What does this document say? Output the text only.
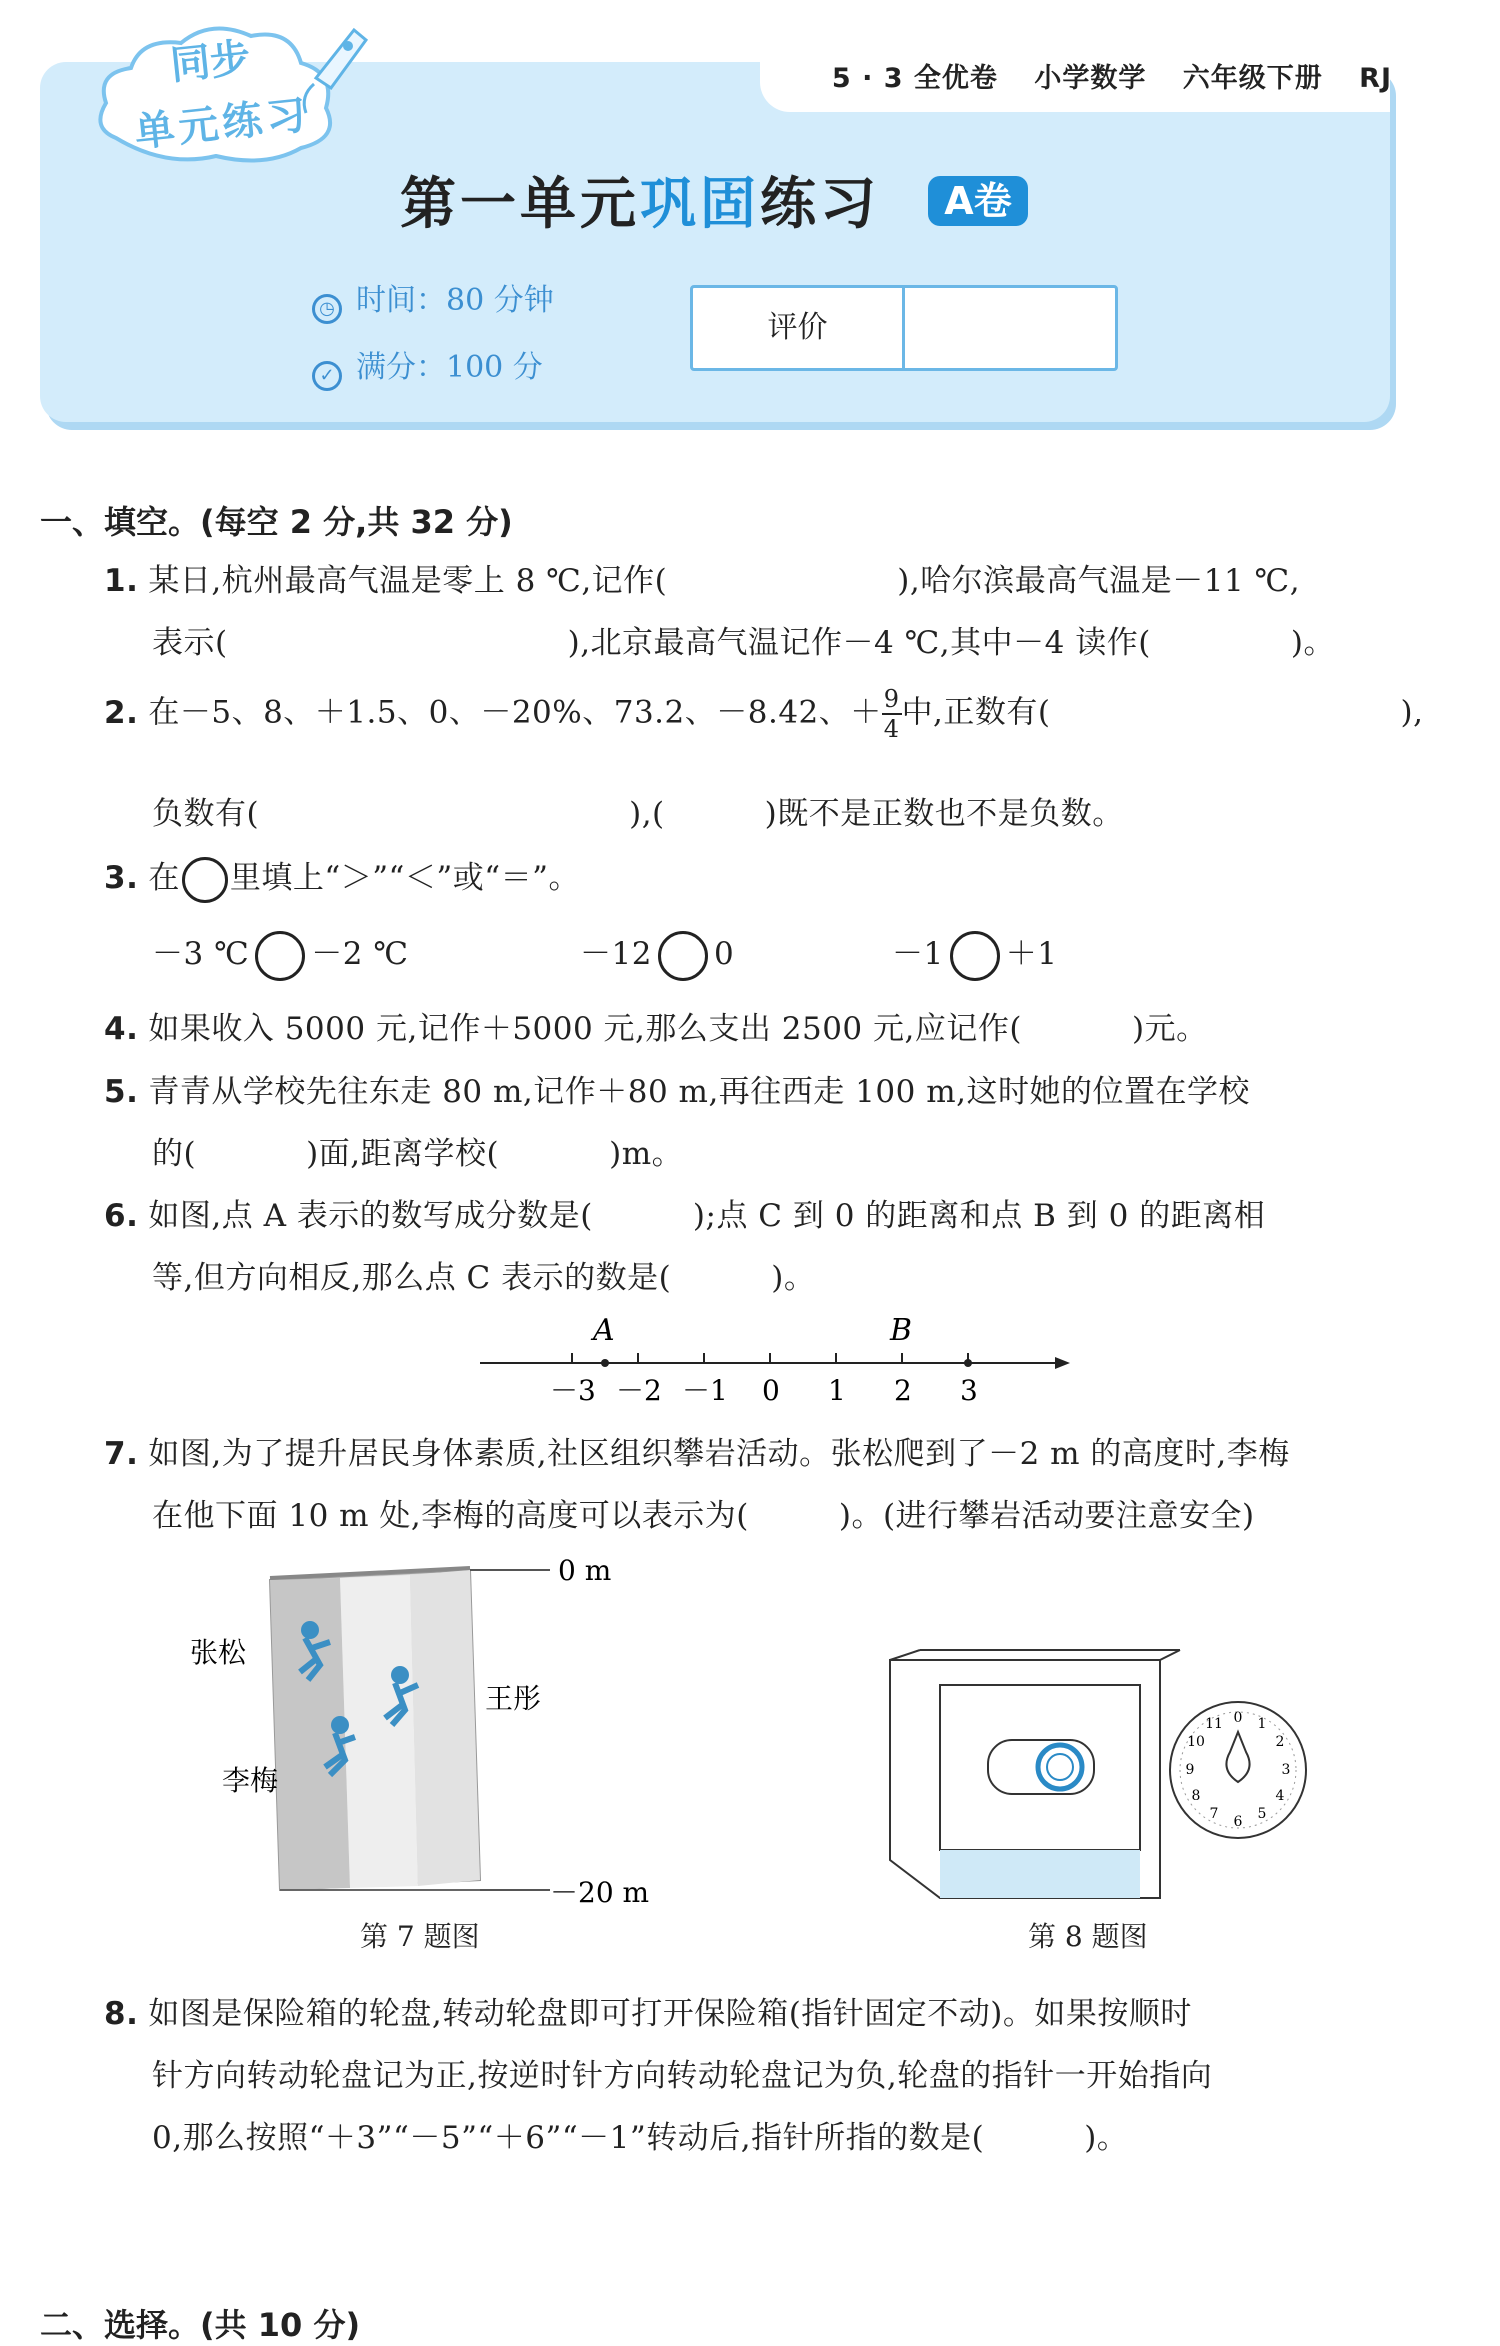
5 · 3 全优卷 小学数学 六年级下册 RJ
同步
单元练习
第一单元巩固练习	A卷
◷ 时间：80 分钟
✓ 满分：100 分
评价
一、填空。(每空 2 分,共 32 分)
1. 某日,杭州最高气温是零上 8 ℃,记作(	),哈尔滨最高气温是－11 ℃,
表示(	),北京最高气温记作－4 ℃,其中－4 读作(	)。
2. 在－5、8、＋1.5、0、－20%、73.2、－8.42、＋ $\frac{9}{4}$ 中,正数有(	),
负数有(	),(	)既不是正数也不是负数。
3. 在 里填上“＞”“＜”或“＝”。
－3 ℃ －2 ℃	－12 0	－1 ＋1
4. 如果收入 5000 元,记作＋5000 元,那么支出 2500 元,应记作(	)元。
5. 青青从学校先往东走 80 m,记作＋80 m,再往西走 100 m,这时她的位置在学校
的(	)面,距离学校(	)m。
6. 如图,点 A 表示的数写成分数是(	);点 C 到 0 的距离和点 B 到 0 的距离相
等,但方向相反,那么点 C 表示的数是(	)。
A	B
－3 －2 －1 0 1 2 3
7. 如图,为了提升居民身体素质,社区组织攀岩活动。张松爬到了－2 m 的高度时,李梅
在他下面 10 m 处,李梅的高度可以表示为(	)。(进行攀岩活动要注意安全)
0 m
－20 m
张松
王彤
李梅
第 7 题图
0 1
2
3
4
5
6
7
8
9
10
11
第 8 题图
8. 如图是保险箱的轮盘,转动轮盘即可打开保险箱(指针固定不动)。如果按顺时
针方向转动轮盘记为正,按逆时针方向转动轮盘记为负,轮盘的指针一开始指向
0,那么按照“＋3”“－5”“＋6”“－1”转动后,指针所指的数是(	)。
二、选择。(共 10 分)
